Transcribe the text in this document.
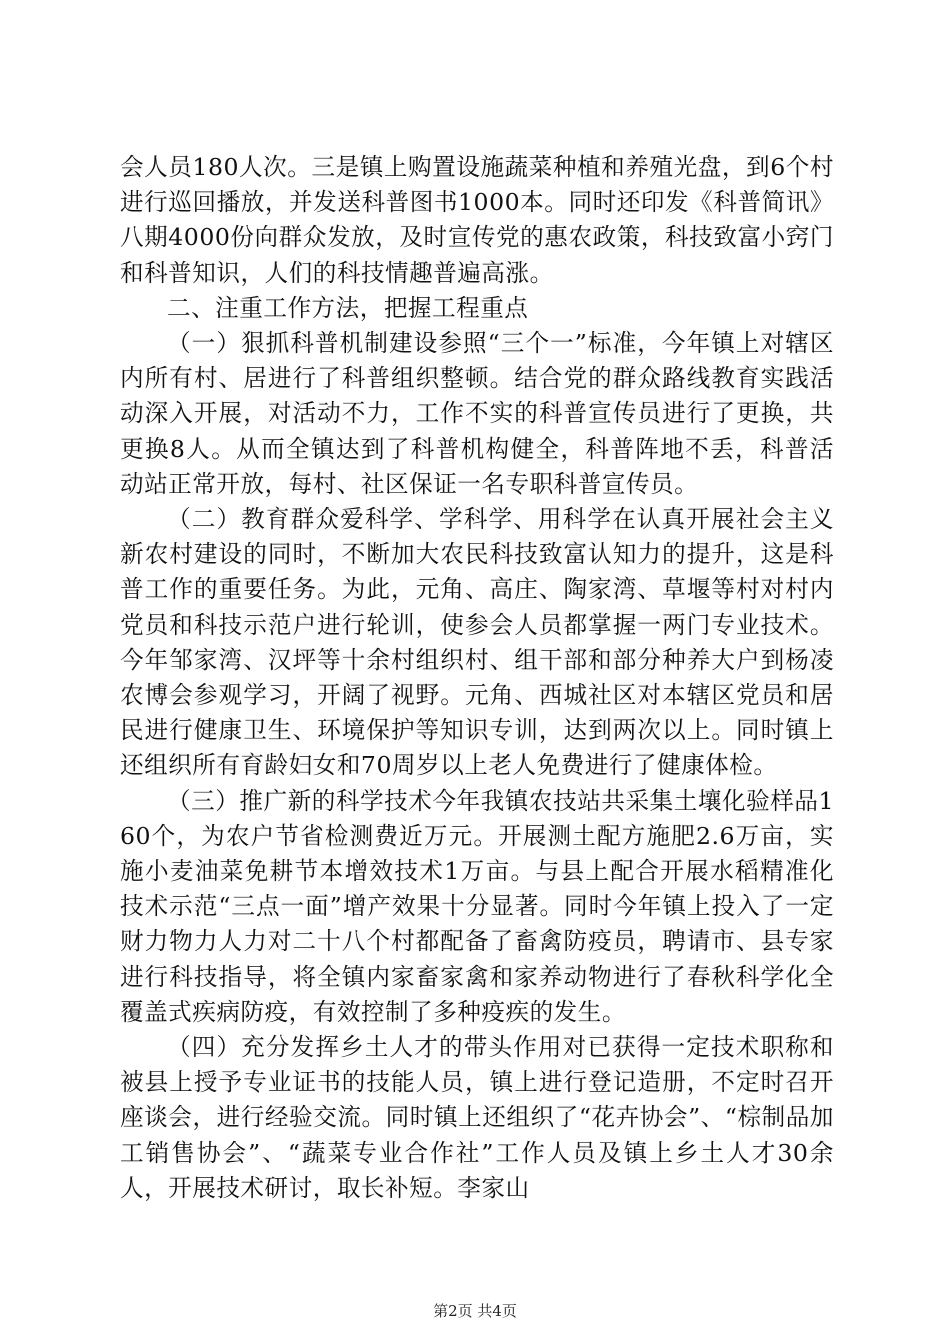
会人员180人次。三是镇上购置设施蔬菜种植和养殖光盘，到6个村进行巡回播放，并发送科普图书1000本。同时还印发《科普简讯》八期4000份向群众发放，及时宣传党的惠农政策，科技致富小窍门和科普知识，人们的科技情趣普遍高涨。

二、注重工作方法，把握工程重点

（一）狠抓科普机制建设参照“三个一”标准，今年镇上对辖区内所有村、居进行了科普组织整顿。结合党的群众路线教育实践活动深入开展，对活动不力，工作不实的科普宣传员进行了更换，共更换8人。从而全镇达到了科普机构健全，科普阵地不丢，科普活动站正常开放，每村、社区保证一名专职科普宣传员。

（二）教育群众爱科学、学科学、用科学在认真开展社会主义新农村建设的同时，不断加大农民科技致富认知力的提升，这是科普工作的重要任务。为此，元角、高庄、陶家湾、草堰等村对村内党员和科技示范户进行轮训，使参会人员都掌握一两门专业技术。今年邹家湾、汉坪等十余村组织村、组干部和部分种养大户到杨凌农博会参观学习，开阔了视野。元角、西城社区对本辖区党员和居民进行健康卫生、环境保护等知识专训，达到两次以上。同时镇上还组织所有育龄妇女和70周岁以上老人免费进行了健康体检。

（三）推广新的科学技术今年我镇农技站共采集土壤化验样品160个，为农户节省检测费近万元。开展测土配方施肥2.6万亩，实施小麦油菜免耕节本增效技术1万亩。与县上配合开展水稻精准化技术示范“三点一面”增产效果十分显著。同时今年镇上投入了一定财力物力人力对二十八个村都配备了畜禽防疫员，聘请市、县专家进行科技指导，将全镇内家畜家禽和家养动物进行了春秋科学化全覆盖式疾病防疫，有效控制了多种疫疾的发生。

（四）充分发挥乡土人才的带头作用对已获得一定技术职称和被县上授予专业证书的技能人员，镇上进行登记造册，不定时召开座谈会，进行经验交流。同时镇上还组织了“花卉协会”、“棕制品加工销售协会”、“蔬菜专业合作社”工作人员及镇上乡土人才30余人，开展技术研讨，取长补短。李家山

第2页 共4页
